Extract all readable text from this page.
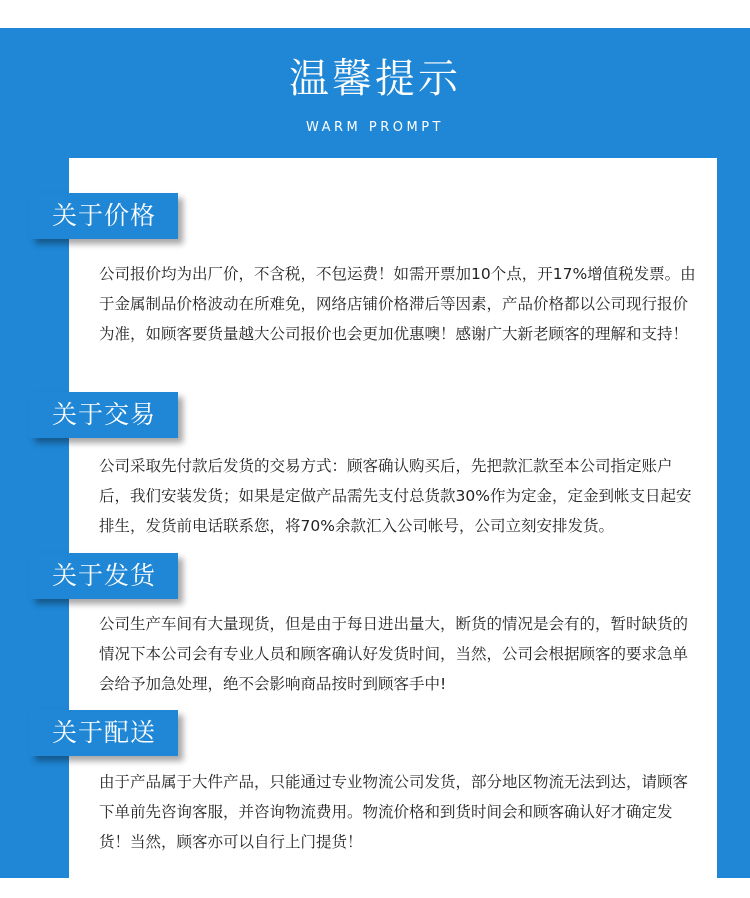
温馨提示
WARM PROMPT
关于价格

公司报价均为出厂价，不含税，不包运费！如需开票加10个点，开17%增值税发票。由于金属制品价格波动在所难免，网络店铺价格滞后等因素，产品价格都以公司现行报价为准，如顾客要货量越大公司报价也会更加优惠噢！感谢广大新老顾客的理解和支持！

关于交易

公司采取先付款后发货的交易方式：顾客确认购买后，先把款汇款至本公司指定账户后，我们安装发货；如果是定做产品需先支付总货款30%作为定金，定金到帐支日起安排生，发货前电话联系您，将70%余款汇入公司帐号，公司立刻安排发货。

关于发货

公司生产车间有大量现货，但是由于每日进出量大，断货的情况是会有的，暂时缺货的情况下本公司会有专业人员和顾客确认好发货时间，当然，公司会根据顾客的要求急单会给予加急处理，绝不会影响商品按时到顾客手中!

关于配送

由于产品属于大件产品，只能通过专业物流公司发货，部分地区物流无法到达，请顾客下单前先咨询客服，并咨询物流费用。物流价格和到货时间会和顾客确认好才确定发货！当然，顾客亦可以自行上门提货！
